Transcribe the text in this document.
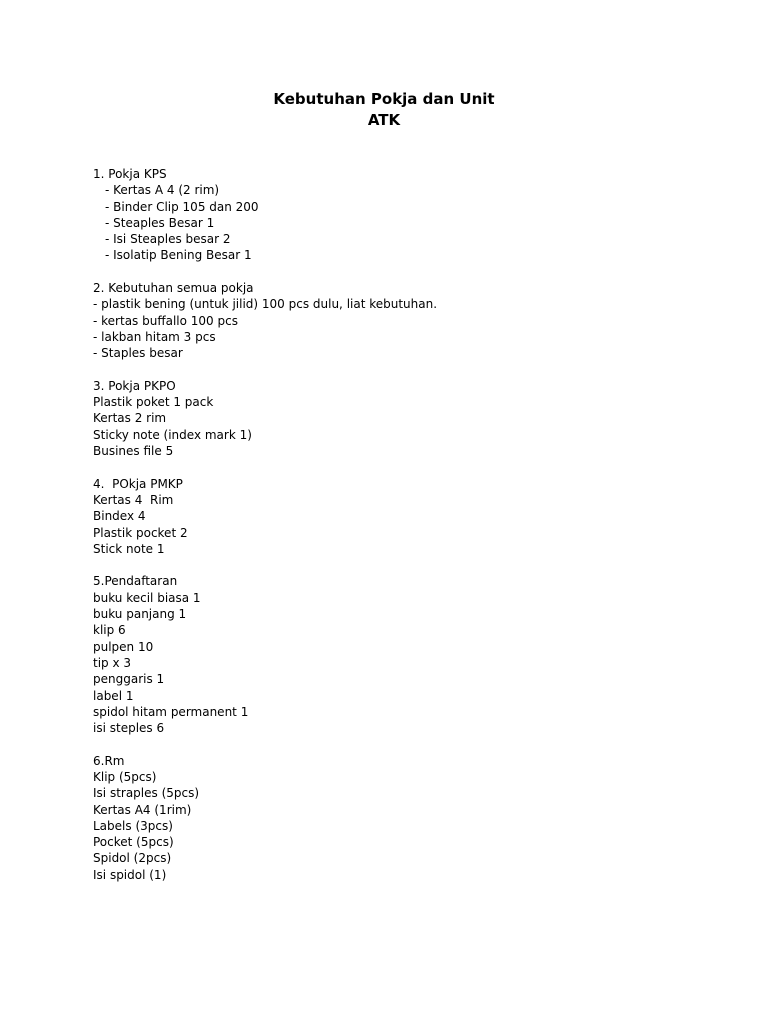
Kebutuhan Pokja dan Unit
ATK
1. Pokja KPS
- Kertas A 4 (2 rim)
- Binder Clip 105 dan 200
- Steaples Besar 1
- Isi Steaples besar 2
- Isolatip Bening Besar 1
2. Kebutuhan semua pokja
- plastik bening (untuk jilid) 100 pcs dulu, liat kebutuhan.
- kertas buffallo 100 pcs
- lakban hitam 3 pcs
- Staples besar
3. Pokja PKPO
Plastik poket 1 pack
Kertas 2 rim
Sticky note (index mark 1)
Busines file 5
4.  POkja PMKP
Kertas 4  Rim
Bindex 4
Plastik pocket 2
Stick note 1
5.Pendaftaran
buku kecil biasa 1
buku panjang 1
klip 6
pulpen 10
tip x 3
penggaris 1
label 1
spidol hitam permanent 1
isi steples 6
6.Rm
Klip (5pcs)
Isi straples (5pcs)
Kertas A4 (1rim)
Labels (3pcs)
Pocket (5pcs)
Spidol (2pcs)
Isi spidol (1)
